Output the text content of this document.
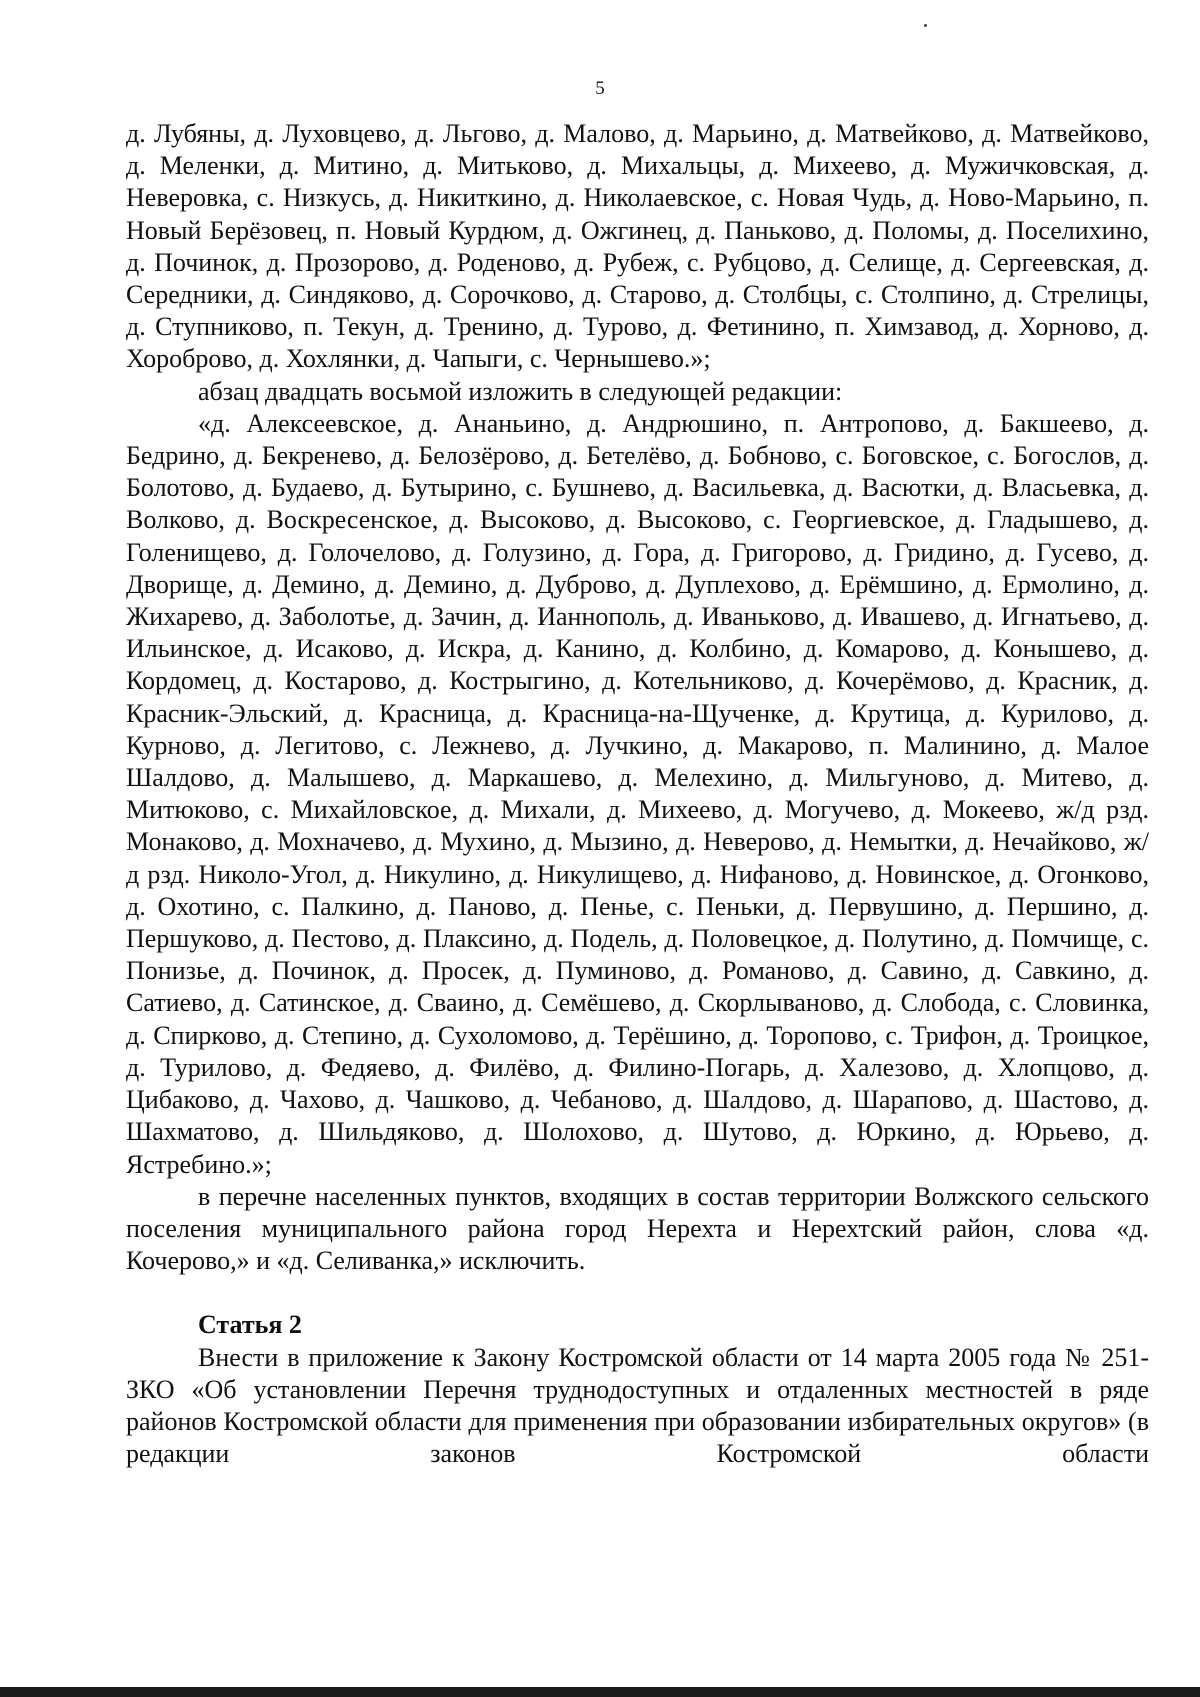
5

д. Лубяны, д. Луховцево, д. Льгово, д. Малово, д. Марьино, д. Матвейково, д. Матвейково, д. Меленки, д. Митино, д. Митьково, д. Михальцы, д. Михеево, д. Мужичковская, д. Неверовка, с. Низкусь, д. Никиткино, д. Николаевское, с. Новая Чудь, д. Ново-Марьино, п. Новый Берёзовец, п. Новый Курдюм, д. Ожгинец, д. Паньково, д. Поломы, д. Поселихино, д. Починок, д. Прозорово, д. Роденово, д. Рубеж, с. Рубцово, д. Селище, д. Сергеевская, д. Середники, д. Синдяково, д. Сорочково, д. Старово, д. Столбцы, с. Столпино, д. Стрелицы, д. Ступниково, п. Текун, д. Тренино, д. Турово, д. Фетинино, п. Химзавод, д. Хорново, д. Хороброво, д. Хохлянки, д. Чапыги, с. Чернышево.»;

абзац двадцать восьмой изложить в следующей редакции:

«д. Алексеевское, д. Ананьино, д. Андрюшино, п. Антропово, д. Бакшеево, д. Бедрино, д. Бекренево, д. Белозёрово, д. Бетелёво, д. Бобново, с. Боговское, с. Богослов, д. Болотово, д. Будаево, д. Бутырино, с. Бушнево, д. Васильевка, д. Васютки, д. Власьевка, д. Волково, д. Воскресенское, д. Высоково, д. Высоково, с. Георгиевское, д. Гладышево, д. Голенищево, д. Голочелово, д. Голузино, д. Гора, д. Григорово, д. Гридино, д. Гусево, д. Дворище, д. Демино, д. Демино, д. Дуброво, д. Дуплехово, д. Ерёмшино, д. Ермолино, д. Жихарево, д. Заболотье, д. Зачин, д. Ианнополь, д. Иваньково, д. Ивашево, д. Игнатьево, д. Ильинское, д. Исаково, д. Искра, д. Канино, д. Колбино, д. Комарово, д. Конышево, д. Кордомец, д. Костарово, д. Кострыгино, д. Котельниково, д. Кочерёмово, д. Красник, д. Красник-Эльский, д. Красница, д. Красница-на-Щученке, д. Крутица, д. Курилово, д. Курново, д. Легитово, с. Лежнево, д. Лучкино, д. Макарово, п. Малинино, д. Малое Шалдово, д. Малышево, д. Маркашево, д. Мелехино, д. Мильгуново, д. Митево, д. Митюково, с. Михайловское, д. Михали, д. Михеево, д. Могучево, д. Мокеево, ж/д рзд. Монаково, д. Мохначево, д. Мухино, д. Мызино, д. Неверово, д. Немытки, д. Нечайково, ж/д рзд. Николо-Угол, д. Никулино, д. Никулищево, д. Нифаново, д. Новинское, д. Огонково, д. Охотино, с. Палкино, д. Паново, д. Пенье, с. Пеньки, д. Первушино, д. Першино, д. Першуково, д. Пестово, д. Плаксино, д. Подель, д. Половецкое, д. Полутино, д. Помчище, с. Понизье, д. Починок, д. Просек, д. Пуминово, д. Романово, д. Савино, д. Савкино, д. Сатиево, д. Сатинское, д. Сваино, д. Семёшево, д. Скорлываново, д. Слобода, с. Словинка, д. Спирково, д. Степино, д. Сухоломово, д. Терёшино, д. Торопово, с. Трифон, д. Троицкое, д. Турилово, д. Федяево, д. Филёво, д. Филино-Погарь, д. Халезово, д. Хлопцово, д. Цибаково, д. Чахово, д. Чашково, д. Чебаново, д. Шалдово, д. Шарапово, д. Шастово, д. Шахматово, д. Шильдяково, д. Шолохово, д. Шутово, д. Юркино, д. Юрьево, д. Ястребино.»;

в перечне населенных пунктов, входящих в состав территории Волжского сельского поселения муниципального района город Нерехта и Нерехтский район, слова «д. Кочерово,» и «д. Селиванка,» исключить.

Статья 2

Внести в приложение к Закону Костромской области от 14 марта 2005 года № 251-ЗКО «Об установлении Перечня труднодоступных и отдаленных местностей в ряде районов Костромской области для применения при образовании избирательных округов» (в редакции законов Костромской области
